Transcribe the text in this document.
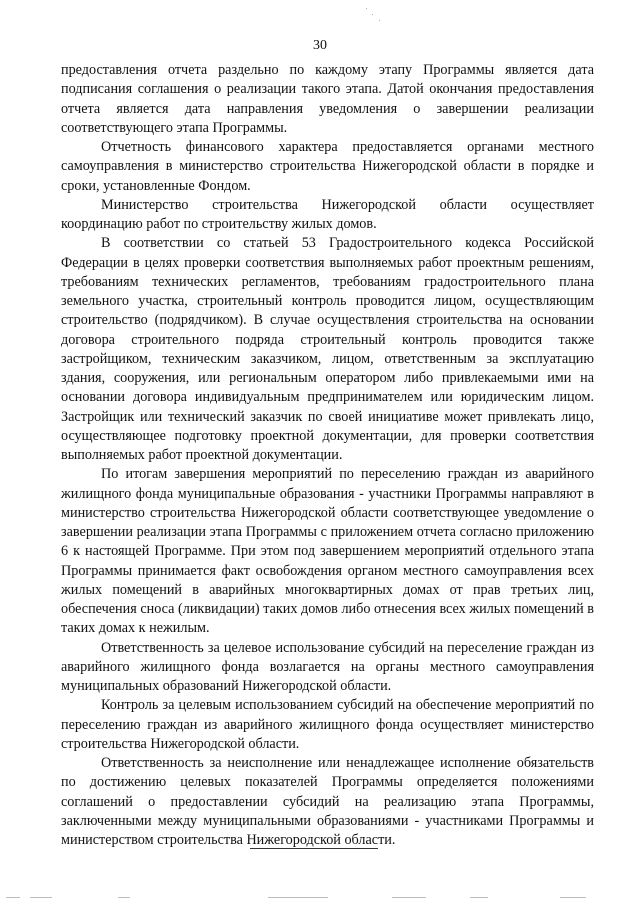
30

предоставления отчета раздельно по каждому этапу Программы является дата подписания соглашения о реализации такого этапа. Датой окончания предоставления отчета является дата направления уведомления о завершении реализации соответствующего этапа Программы.

Отчетность финансового характера предоставляется органами местного самоуправления в министерство строительства Нижегородской области в порядке и сроки, установленные Фондом.

Министерство строительства Нижегородской области осуществляет координацию работ по строительству жилых домов.

В соответствии со статьей 53 Градостроительного кодекса Российской Федерации в целях проверки соответствия выполняемых работ проектным решениям, требованиям технических регламентов, требованиям градостроительного плана земельного участка, строительный контроль проводится лицом, осуществляющим строительство (подрядчиком). В случае осуществления строительства на основании договора строительного подряда строительный контроль проводится также застройщиком, техническим заказчиком, лицом, ответственным за эксплуатацию здания, сооружения, или региональным оператором либо привлекаемыми ими на основании договора индивидуальным предпринимателем или юридическим лицом. Застройщик или технический заказчик по своей инициативе может привлекать лицо, осуществляющее подготовку проектной документации, для проверки соответствия выполняемых работ проектной документации.

По итогам завершения мероприятий по переселению граждан из аварийного жилищного фонда муниципальные образования - участники Программы направляют в министерство строительства Нижегородской области соответствующее уведомление о завершении реализации этапа Программы с приложением отчета согласно приложению 6 к настоящей Программе. При этом под завершением мероприятий отдельного этапа Программы принимается факт освобождения органом местного самоуправления всех жилых помещений в аварийных многоквартирных домах от прав третьих лиц, обеспечения сноса (ликвидации) таких домов либо отнесения всех жилых помещений в таких домах к нежилым.

Ответственность за целевое использование субсидий на переселение граждан из аварийного жилищного фонда возлагается на органы местного самоуправления муниципальных образований Нижегородской области.

Контроль за целевым использованием субсидий на обеспечение мероприятий по переселению граждан из аварийного жилищного фонда осуществляет министерство строительства Нижегородской области.

Ответственность за неисполнение или ненадлежащее исполнение обязательств по достижению целевых показателей Программы определяется положениями соглашений о предоставлении субсидий на реализацию этапа Программы, заключенными между муниципальными образованиями - участниками Программы и министерством строительства Нижегородской области.
